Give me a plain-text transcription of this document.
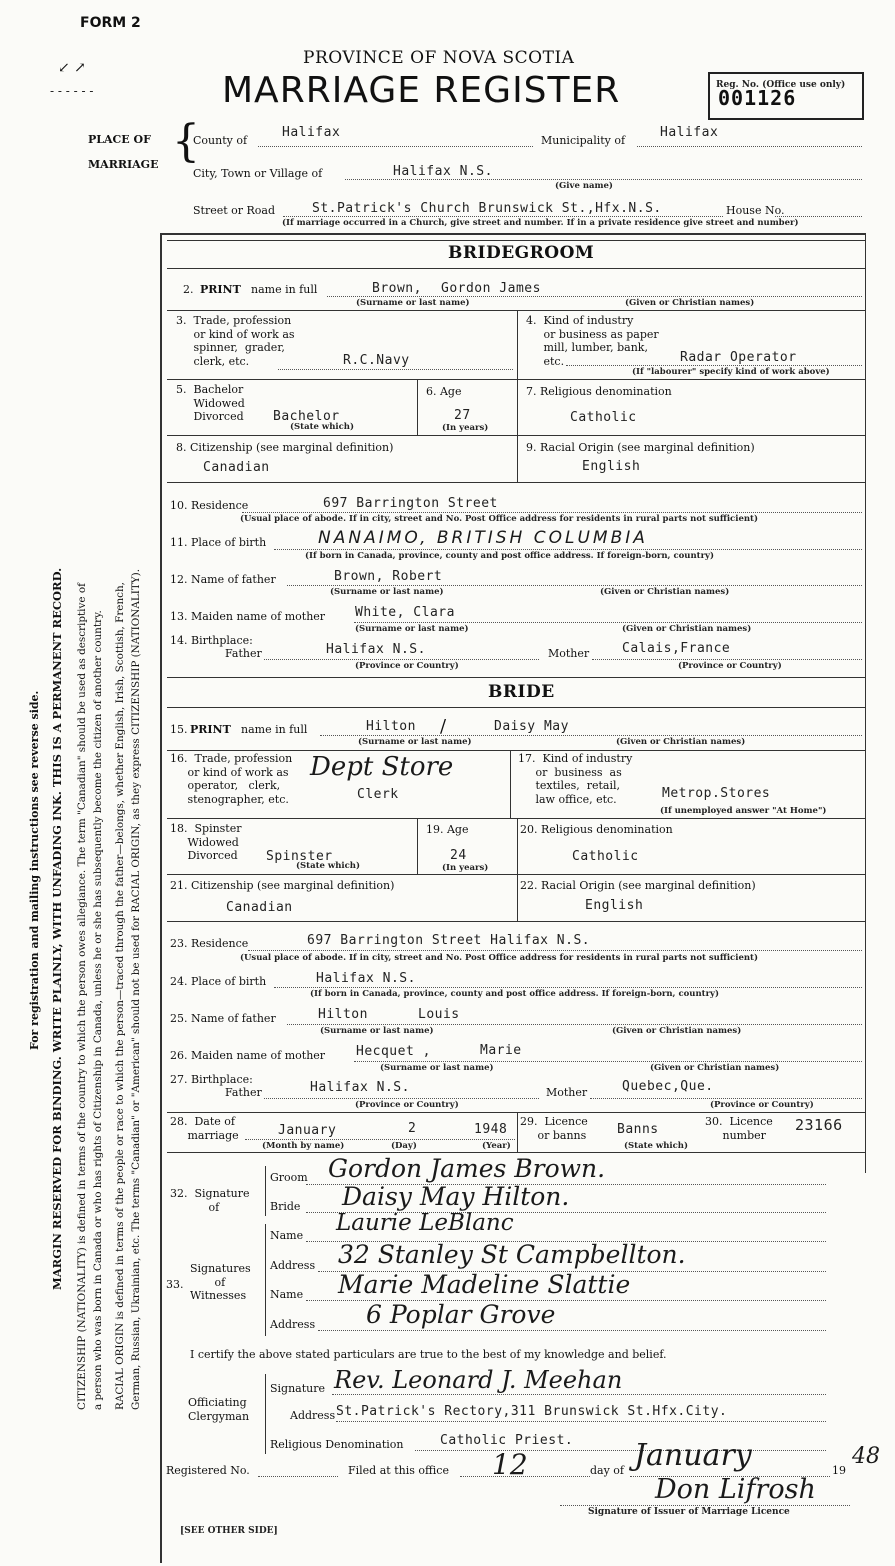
FORM 2
↙ ↗
- - - - - -
PROVINCE OF NOVA SCOTIA
MARRIAGE REGISTER	Reg. No. (Office use only)
001126
PLACE OF
MARRIAGE {
County of
Halifax
Municipality of
Halifax
City, Town or Village of	Halifax N.S.
(Give name)
Street or Road	St.Patrick's Church Brunswick St.,Hfx.N.S.	House No.
(If marriage occurred in a Church, give street and number. If in a private residence give street and number)
For registration and mailing instructions see reverse side. MARGIN RESERVED FOR BINDING. WRITE PLAINLY, WITH UNFADING INK. THIS IS A PERMANENT RECORD. CITIZENSHIP (NATIONALITY) is defined in terms of the country to which the person owes allegiance. The term "Canadian" should be used as descriptive of a person who was born in Canada or who has rights of Citizenship in Canada, unless he or she has subsequently become the citizen of another country. RACIAL ORIGIN is defined in terms of the people or race to which the person—traced through the father—belongs, whether English, Irish, Scottish, French, German, Russian, Ukrainian, etc. The terms "Canadian" or "American" should not be used for RACIAL ORIGIN, as they express CITIZENSHIP (NATIONALITY).
BRIDEGROOM
2. PRINT name in full	Brown, Gordon James
(Surname or last name)	(Given or Christian names)
3.  Trade, profession
or kind of work as
spinner,  grader,
clerk, etc.	R.C.Navy
4.  Kind of industry
or business as paper
mill, lumber, bank,
etc.	Radar Operator
(If "labourer" specify kind of work above)
5.  Bachelor
Widowed
Divorced Bachelor
(State which)
6. Age
27
(In years)
7. Religious denomination
Catholic
8. Citizenship (see marginal definition)
Canadian
9. Racial Origin (see marginal definition)
English
10. Residence	697 Barrington Street
(Usual place of abode. If in city, street and No. Post Office address for residents in rural parts not sufficient)
11. Place of birth	NANAIMO, BRITISH COLUMBIA
(If born in Canada, province, county and post office address. If foreign-born, country)
12. Name of father	Brown, Robert
(Surname or last name)	(Given or Christian names)
13. Maiden name of mother White, Clara
(Surname or last name)	(Given or Christian names)
14. Birthplace:
Father	Halifax N.S.
(Province or Country)
Mother	Calais,France
(Province or Country)
BRIDE
15. PRINT name in full	Hilton /	Daisy May
(Surname or last name)	(Given or Christian names)
16.  Trade, profession
or kind of work as
operator,   clerk,
stenographer, etc.
Dept Store
Clerk
17.  Kind of industry
or  business  as
textiles,  retail,
law office, etc.	Metrop.Stores
(If unemployed answer "At Home")
18.  Spinster
Widowed
Divorced Spinster
(State which)
19. Age
24
(In years)
20. Religious denomination
Catholic
21. Citizenship (see marginal definition)
Canadian
22. Racial Origin (see marginal definition)
English
23. Residence	697 Barrington Street Halifax N.S.
(Usual place of abode. If in city, street and No. Post Office address for residents in rural parts not sufficient)
24. Place of birth	Halifax N.S.
(If born in Canada, province, county and post office address. If foreign-born, country)
25. Name of father	Hilton	Louis
(Surname or last name)	(Given or Christian names)
26. Maiden name of mother Hecquet ,	Marie
(Surname or last name)	(Given or Christian names)
27. Birthplace:
Father	Halifax N.S.
(Province or Country)
Mother	Quebec,Que.
(Province or Country)
28.  Date of
marriage	January	2	1948
(Month by name)	(Day)	(Year)
29.  Licence
or banns Banns
(State which)
30.  Licence
number
23166
32.  Signature
of
Groom Gordon James Brown.
Bride Daisy May Hilton.
33.
Signatures
of
Witnesses
Name Laurie LeBlanc
Address 32 Stanley St Campbellton.
Name Marie Madeline Slattie
Address 6 Poplar Grove
I certify the above stated particulars are true to the best of my knowledge and belief.
Officiating
Clergyman
Signature Rev. Leonard J. Meehan
Address St.Patrick's Rectory,311 Brunswick St.Hfx.City.
Religious Denomination	Catholic Priest.
Registered No.	Filed at this office 12	day of January	19
48
Don Lifrosh
Signature of Issuer of Marriage Licence
[SEE OTHER SIDE]
